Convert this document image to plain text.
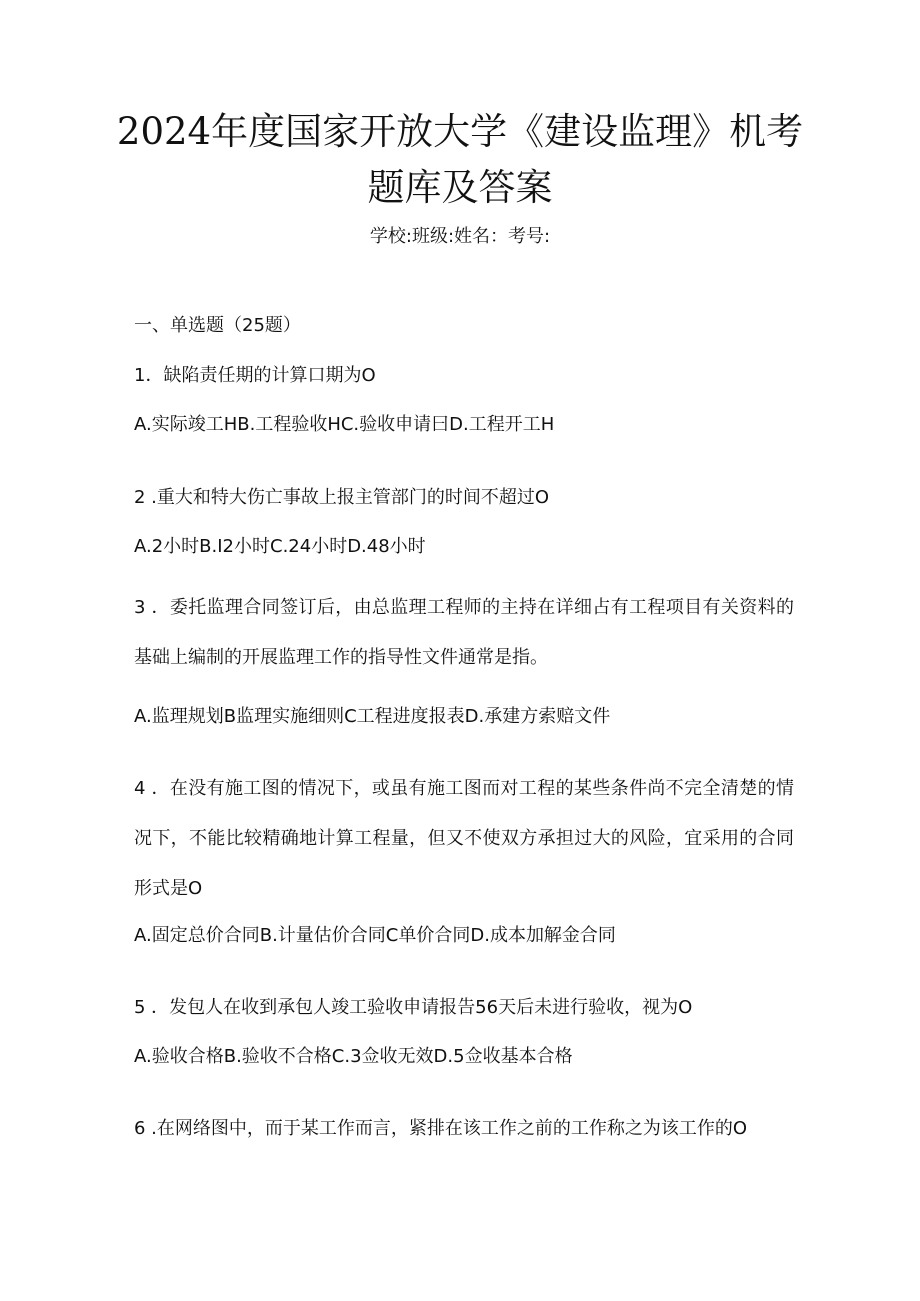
2024年度国家开放大学《建设监理》机考题库及答案
学校:班级:姓名：考号:
一、单选题（25题）
1．缺陷责任期的计算口期为O
A.实际竣工HB.工程验收HC.验收申请曰D.工程开工H
2 .重大和特大伤亡事故上报主管部门的时间不超过O
A.2小时B.I2小时C.24小时D.48小时
3 ．委托监理合同签订后，由总监理工程师的主持在详细占有工程项目有关资料的基础上编制的开展监理工作的指导性文件通常是指。
A.监理规划B监理实施细则C工程进度报表D.承建方索赔文件
4 ．在没有施工图的情况下，或虽有施工图而对工程的某些条件尚不完全清楚的情况下，不能比较精确地计算工程量，但又不使双方承担过大的风险，宜采用的合同形式是O
A.固定总价合同B.计量估价合同C单价合同D.成本加解金合同
5 ．发包人在收到承包人竣工验收申请报告56天后未进行验收，视为O
A.验收合格B.验收不合格C.3佥收无效D.5佥收基本合格
6 .在网络图中，而于某工作而言，紧排在该工作之前的工作称之为该工作的O
